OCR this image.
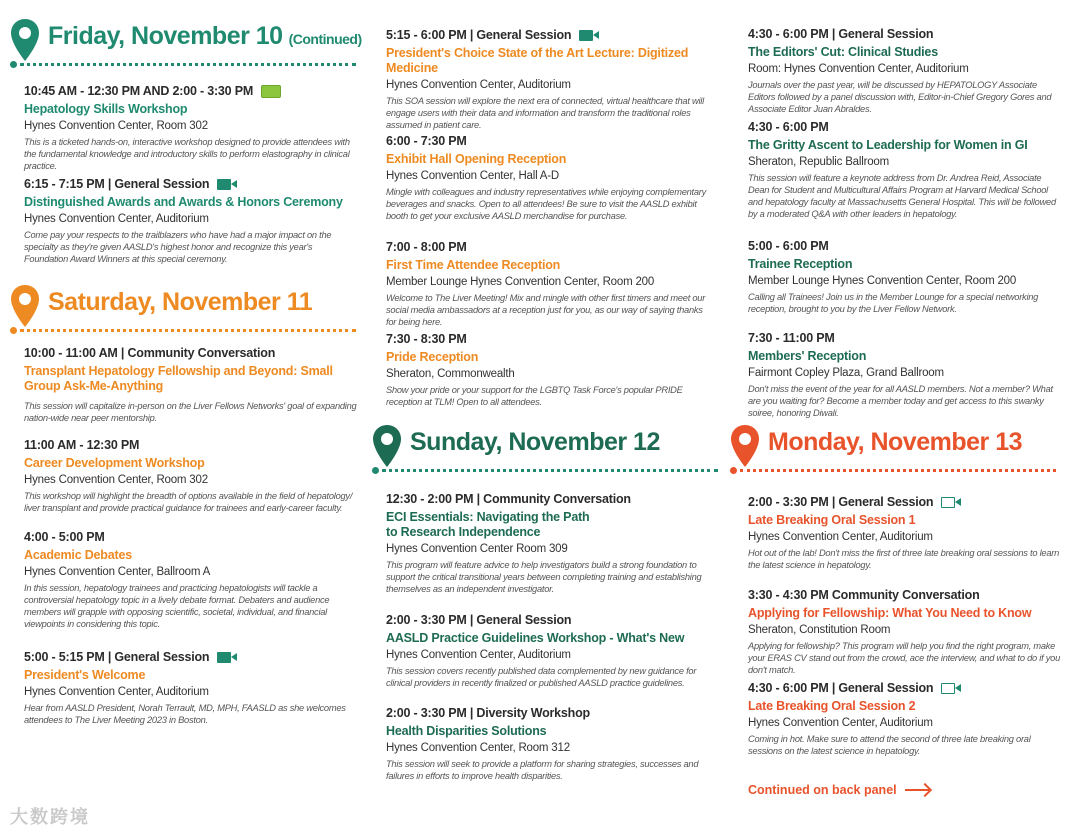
Friday, November 10 (Continued)
10:45 AM - 12:30 PM AND 2:00 - 3:30 PM
Hepatology Skills Workshop
Hynes Convention Center, Room 302
This is a ticketed hands-on, interactive workshop designed to provide attendees with the fundamental knowledge and introductory skills to perform elastography in clinical practice.
6:15 - 7:15 PM | General Session
Distinguished Awards and Awards & Honors Ceremony
Hynes Convention Center, Auditorium
Come pay your respects to the trailblazers who have had a major impact on the specialty as they're given AASLD's highest honor and recognize this year's Foundation Award Winners at this special ceremony.
Saturday, November 11
10:00 - 11:00 AM | Community Conversation
Transplant Hepatology Fellowship and Beyond: Small Group Ask-Me-Anything
This session will capitalize in-person on the Liver Fellows Networks' goal of expanding nation-wide near peer mentorship.
11:00 AM - 12:30 PM
Career Development Workshop
Hynes Convention Center, Room 302
This workshop will highlight the breadth of options available in the field of hepatology/ liver transplant and provide practical guidance for trainees and early-career faculty.
4:00 - 5:00 PM
Academic Debates
Hynes Convention Center, Ballroom A
In this session, hepatology trainees and practicing hepatologists will tackle a controversial hepatology topic in a lively debate format. Debaters and audience members will grapple with opposing scientific, societal, individual, and financial viewpoints in considering this topic.
5:00 - 5:15 PM | General Session
President's Welcome
Hynes Convention Center, Auditorium
Hear from AASLD President, Norah Terrault, MD, MPH, FAASLD as she welcomes attendees to The Liver Meeting 2023 in Boston.
5:15 - 6:00 PM | General Session
President's Choice State of the Art Lecture: Digitized Medicine
Hynes Convention Center, Auditorium
This SOA session will explore the next era of connected, virtual healthcare that will engage users with their data and information and transform the traditional roles assumed in patient care.
6:00 - 7:30 PM
Exhibit Hall Opening Reception
Hynes Convention Center, Hall A-D
Mingle with colleagues and industry representatives while enjoying complementary beverages and snacks. Open to all attendees! Be sure to visit the AASLD exhibit booth to get your exclusive AASLD merchandise for purchase.
7:00 - 8:00 PM
First Time Attendee Reception
Member Lounge Hynes Convention Center, Room 200
Welcome to The Liver Meeting! Mix and mingle with other first timers and meet our social media ambassadors at a reception just for you, as our way of saying thanks for being here.
7:30 - 8:30 PM
Pride Reception
Sheraton, Commonwealth
Show your pride or your support for the LGBTQ Task Force's popular PRIDE reception at TLM! Open to all attendees.
Sunday, November 12
12:30 - 2:00 PM | Community Conversation
ECI Essentials: Navigating the Path to Research Independence
Hynes Convention Center Room 309
This program will feature advice to help investigators build a strong foundation to support the critical transitional years between completing training and establishing themselves as an independent investigator.
2:00 - 3:30 PM | General Session
AASLD Practice Guidelines Workshop - What's New
Hynes Convention Center, Auditorium
This session covers recently published data complemented by new guidance for clinical providers in recently finalized or published AASLD practice guidelines.
2:00 - 3:30 PM | Diversity Workshop
Health Disparities Solutions
Hynes Convention Center, Room 312
This session will seek to provide a platform for sharing strategies, successes and failures in efforts to improve health disparities.
4:30 - 6:00 PM | General Session
The Editors' Cut: Clinical Studies
Room: Hynes Convention Center, Auditorium
Journals over the past year, will be discussed by HEPATOLOGY Associate Editors followed by a panel discussion with, Editor-in-Chief Gregory Gores and Associate Editor Juan Abraldes.
4:30 - 6:00 PM
The Gritty Ascent to Leadership for Women in GI
Sheraton, Republic Ballroom
This session will feature a keynote address from Dr. Andrea Reid, Associate Dean for Student and Multicultural Affairs Program at Harvard Medical School and hepatology faculty at Massachusetts General Hospital. This will be followed by a moderated Q&A with other leaders in hepatology.
5:00 - 6:00 PM
Trainee Reception
Member Lounge Hynes Convention Center, Room 200
Calling all Trainees! Join us in the Member Lounge for a special networking reception, brought to you by the Liver Fellow Network.
7:30 - 11:00 PM
Members' Reception
Fairmont Copley Plaza, Grand Ballroom
Don't miss the event of the year for all AASLD members. Not a member? What are you waiting for? Become a member today and get access to this swanky soiree, honoring Diwali.
Monday, November 13
2:00 - 3:30 PM | General Session
Late Breaking Oral Session 1
Hynes Convention Center, Auditorium
Hot out of the lab! Don't miss the first of three late breaking oral sessions to learn the latest science in hepatology.
3:30 - 4:30 PM Community Conversation
Applying for Fellowship: What You Need to Know
Sheraton, Constitution Room
Applying for fellowship? This program will help you find the right program, make your ERAS CV stand out from the crowd, ace the interview, and what to do if you don't match.
4:30 - 6:00 PM | General Session
Late Breaking Oral Session 2
Hynes Convention Center, Auditorium
Coming in hot. Make sure to attend the second of three late breaking oral sessions on the latest science in hepatology.
Continued on back panel
大数跨境
